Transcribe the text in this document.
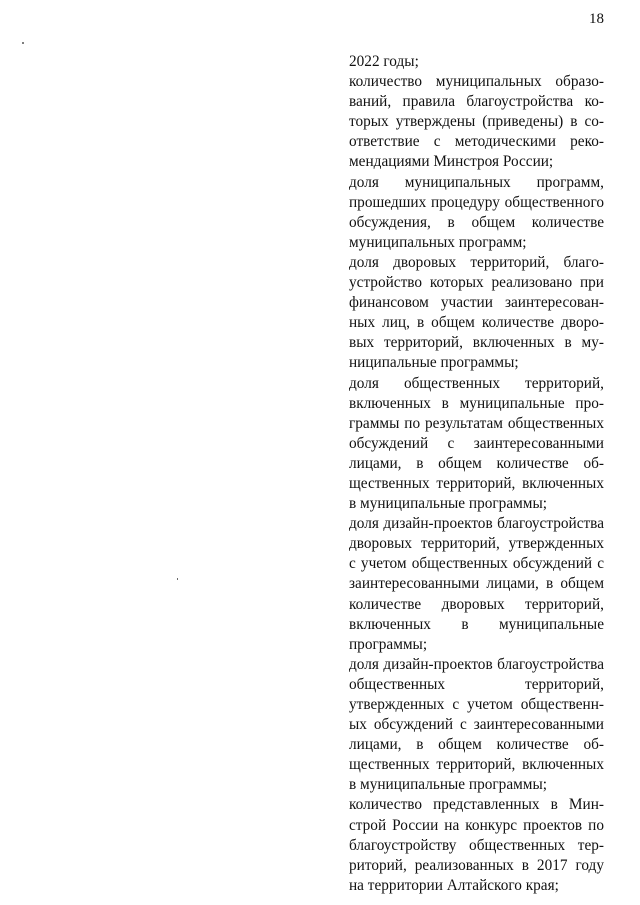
18

2022 годы;

количество муниципальных образований, правила благоустройства которых утверждены (приведены) в соответствие с методическими рекомендациями Минстроя России;

доля муниципальных программ, прошедших процедуру общественного обсуждения, в общем количестве муниципальных программ;

доля дворовых территорий, благоустройство которых реализовано при финансовом участии заинтересованных лиц, в общем количестве дворовых территорий, включенных в муниципальные программы;

доля общественных территорий, включенных в муниципальные программы по результатам общественных обсуждений с заинтересованными лицами, в общем количестве общественных территорий, включенных в муниципальные программы;

доля дизайн-проектов благоустройства дворовых территорий, утвержденных с учетом общественных обсуждений с заинтересованными лицами, в общем количестве дворовых территорий, включенных в муниципальные программы;

доля дизайн-проектов благоустройства общественных территорий, утвержденных с учетом общественных обсуждений с заинтересованными лицами, в общем количестве общественных территорий, включенных в муниципальные программы;

количество представленных в Минстрой России на конкурс проектов по благоустройству общественных территорий, реализованных в 2017 году на территории Алтайского края;
